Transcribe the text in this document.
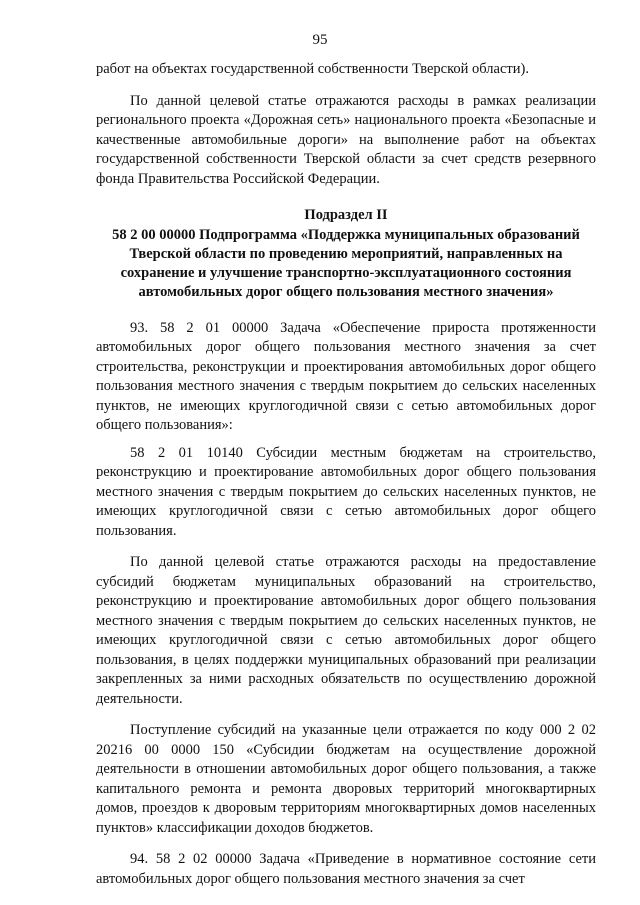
95

работ на объектах государственной собственности Тверской области).

По данной целевой статье отражаются расходы в рамках реализации регионального проекта «Дорожная сеть» национального проекта «Безопасные и качественные автомобильные дороги» на выполнение работ на объектах государственной собственности Тверской области за счет средств резервного фонда Правительства Российской Федерации.

Подраздел II
58 2 00 00000 Подпрограмма «Поддержка муниципальных образований Тверской области по проведению мероприятий, направленных на сохранение и улучшение транспортно-эксплуатационного состояния автомобильных дорог общего пользования местного значения»

93. 58 2 01 00000 Задача «Обеспечение прироста протяженности автомобильных дорог общего пользования местного значения за счет строительства, реконструкции и проектирования автомобильных дорог общего пользования местного значения с твердым покрытием до сельских населенных пунктов, не имеющих круглогодичной связи с сетью автомобильных дорог общего пользования»:

58 2 01 10140 Субсидии местным бюджетам на строительство, реконструкцию и проектирование автомобильных дорог общего пользования местного значения с твердым покрытием до сельских населенных пунктов, не имеющих круглогодичной связи с сетью автомобильных дорог общего пользования.

По данной целевой статье отражаются расходы на предоставление субсидий бюджетам муниципальных образований на строительство, реконструкцию и проектирование автомобильных дорог общего пользования местного значения с твердым покрытием до сельских населенных пунктов, не имеющих круглогодичной связи с сетью автомобильных дорог общего пользования, в целях поддержки муниципальных образований при реализации закрепленных за ними расходных обязательств по осуществлению дорожной деятельности.

Поступление субсидий на указанные цели отражается по коду 000 2 02 20216 00 0000 150 «Субсидии бюджетам на осуществление дорожной деятельности в отношении автомобильных дорог общего пользования, а также капитального ремонта и ремонта дворовых территорий многоквартирных домов, проездов к дворовым территориям многоквартирных домов населенных пунктов» классификации доходов бюджетов.

94. 58 2 02 00000 Задача «Приведение в нормативное состояние сети автомобильных дорог общего пользования местного значения за счет
